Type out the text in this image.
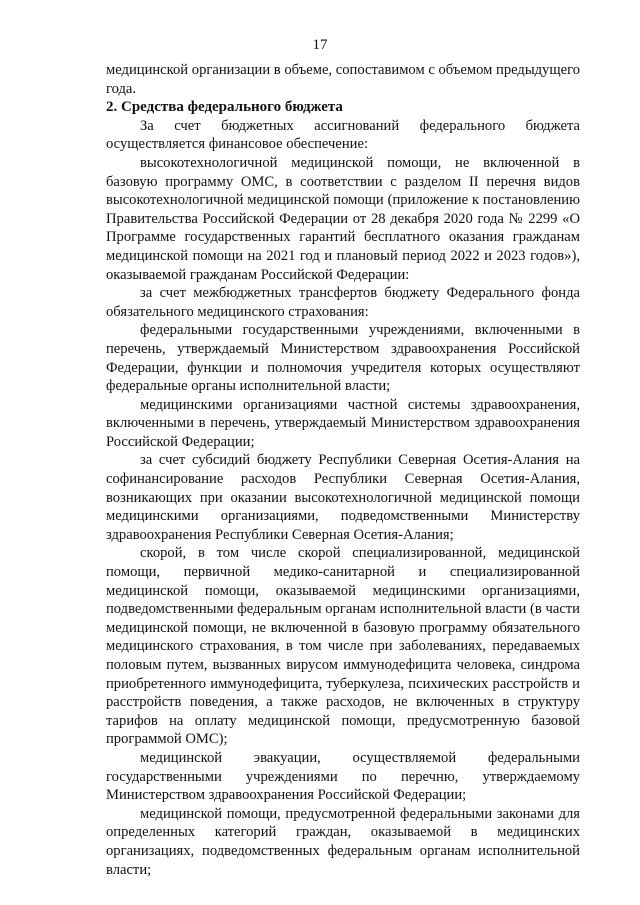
17

медицинской организации в объеме, сопоставимом с объемом предыдущего года.

2. Средства федерального бюджета

За счет бюджетных ассигнований федерального бюджета осуществляется финансовое обеспечение:

высокотехнологичной медицинской помощи, не включенной в базовую программу ОМС, в соответствии с разделом II перечня видов высокотехнологичной медицинской помощи (приложение к постановлению Правительства Российской Федерации от 28 декабря 2020 года № 2299 «О Программе государственных гарантий бесплатного оказания гражданам медицинской помощи на 2021 год и плановый период 2022 и 2023 годов»), оказываемой гражданам Российской Федерации:

за счет межбюджетных трансфертов бюджету Федерального фонда обязательного медицинского страхования:

федеральными государственными учреждениями, включенными в перечень, утверждаемый Министерством здравоохранения Российской Федерации, функции и полномочия учредителя которых осуществляют федеральные органы исполнительной власти;

медицинскими организациями частной системы здравоохранения, включенными в перечень, утверждаемый Министерством здравоохранения Российской Федерации;

за счет субсидий бюджету Республики Северная Осетия-Алания на софинансирование расходов Республики Северная Осетия-Алания, возникающих при оказании высокотехнологичной медицинской помощи медицинскими организациями, подведомственными Министерству здравоохранения Республики Северная Осетия-Алания;

скорой, в том числе скорой специализированной, медицинской помощи, первичной медико-санитарной и специализированной медицинской помощи, оказываемой медицинскими организациями, подведомственными федеральным органам исполнительной власти (в части медицинской помощи, не включенной в базовую программу обязательного медицинского страхования, в том числе при заболеваниях, передаваемых половым путем, вызванных вирусом иммунодефицита человека, синдрома приобретенного иммунодефицита, туберкулеза, психических расстройств и расстройств поведения, а также расходов, не включенных в структуру тарифов на оплату медицинской помощи, предусмотренную базовой программой ОМС);

медицинской эвакуации, осуществляемой федеральными государственными учреждениями по перечню, утверждаемому Министерством здравоохранения Российской Федерации;

медицинской помощи, предусмотренной федеральными законами для определенных категорий граждан, оказываемой в медицинских организациях, подведомственных федеральным органам исполнительной власти;
